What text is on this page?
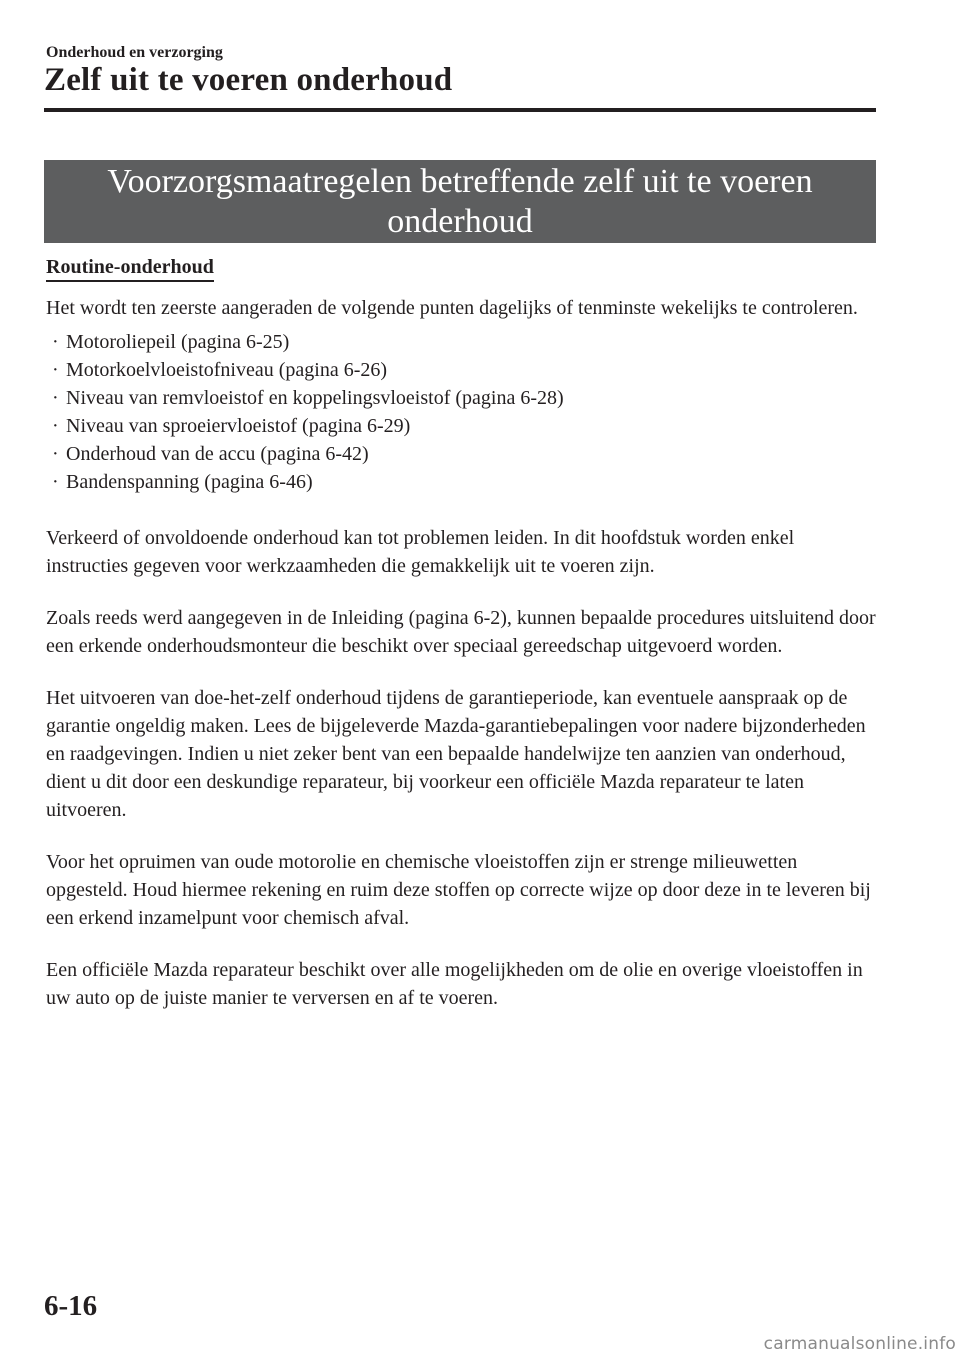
Onderhoud en verzorging
Zelf uit te voeren onderhoud
Voorzorgsmaatregelen betreffende zelf uit te voeren
onderhoud
Routine-onderhoud

Het wordt ten zeerste aangeraden de volgende punten dagelijks of tenminste wekelijks te controleren.

· Motoroliepeil (pagina 6-25)
· Motorkoelvloeistofniveau (pagina 6-26)
· Niveau van remvloeistof en koppelingsvloeistof (pagina 6-28)
· Niveau van sproeiervloeistof (pagina 6-29)
· Onderhoud van de accu (pagina 6-42)
· Bandenspanning (pagina 6-46)

Verkeerd of onvoldoende onderhoud kan tot problemen leiden. In dit hoofdstuk worden enkel instructies gegeven voor werkzaamheden die gemakkelijk uit te voeren zijn.

Zoals reeds werd aangegeven in de Inleiding (pagina 6-2), kunnen bepaalde procedures uitsluitend door een erkende onderhoudsmonteur die beschikt over speciaal gereedschap uitgevoerd worden.

Het uitvoeren van doe-het-zelf onderhoud tijdens de garantieperiode, kan eventuele aanspraak op de garantie ongeldig maken. Lees de bijgeleverde Mazda-garantiebepalingen voor nadere bijzonderheden en raadgevingen. Indien u niet zeker bent van een bepaalde handelwijze ten aanzien van onderhoud, dient u dit door een deskundige reparateur, bij voorkeur een officiële Mazda reparateur te laten uitvoeren.

Voor het opruimen van oude motorolie en chemische vloeistoffen zijn er strenge milieuwetten opgesteld. Houd hiermee rekening en ruim deze stoffen op correcte wijze op door deze in te leveren bij een erkend inzamelpunt voor chemisch afval.

Een officiële Mazda reparateur beschikt over alle mogelijkheden om de olie en overige vloeistoffen in uw auto op de juiste manier te verversen en af te voeren.

6-16
carmanualsonline.info
